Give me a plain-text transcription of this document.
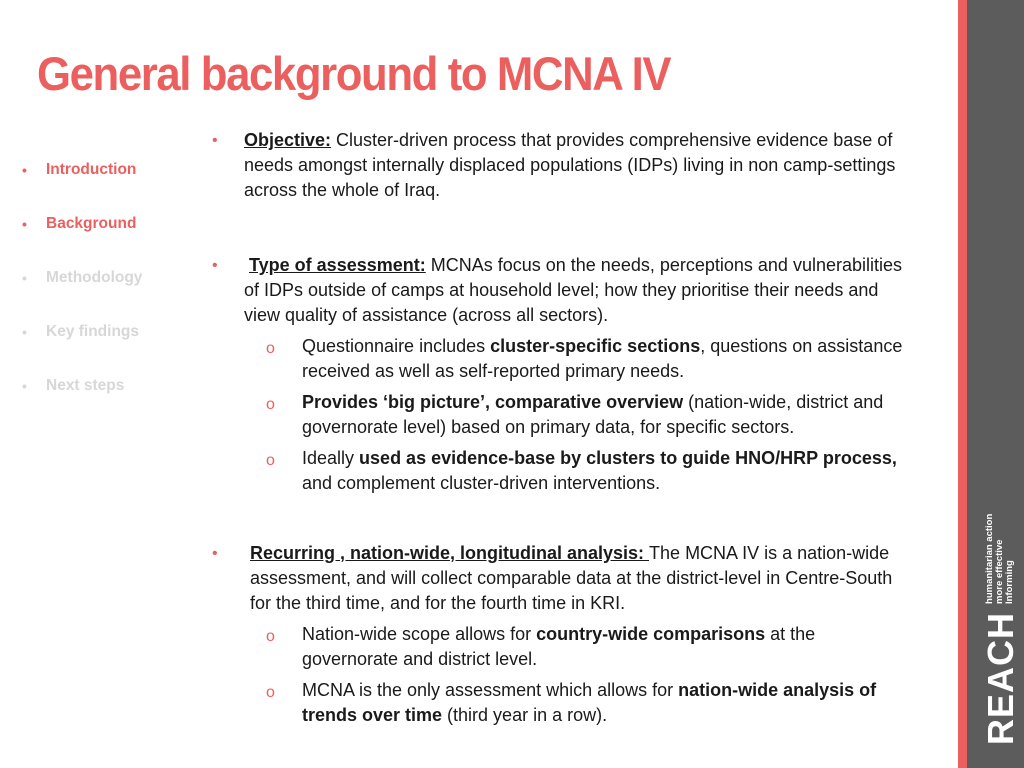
General background to MCNA IV
• Introduction
• Background
• Methodology
• Key findings
• Next steps
• Objective: Cluster-driven process that provides comprehensive evidence base of needs amongst internally displaced populations (IDPs) living in non camp-settings across the whole of Iraq.
• Type of assessment: MCNAs focus on the needs, perceptions and vulnerabilities of IDPs outside of camps at household level; how they prioritise their needs and view quality of assistance (across all sectors).
o Questionnaire includes cluster-specific sections, questions on assistance received as well as self-reported primary needs.
o Provides ‘big picture’, comparative overview (nation-wide, district and governorate level) based on primary data, for specific sectors.
o Ideally used as evidence-base by clusters to guide HNO/HRP process, and complement cluster-driven interventions.
• Recurring , nation-wide, longitudinal analysis: The MCNA IV is a nation-wide assessment, and will collect comparable data at the district-level in Centre-South for the third time, and for the fourth time in KRI.
o Nation-wide scope allows for country-wide comparisons at the governorate and district level.
o MCNA is the only assessment which allows for nation-wide analysis of trends over time (third year in a row).	REACH
humanitarian action
more effective
Informing
